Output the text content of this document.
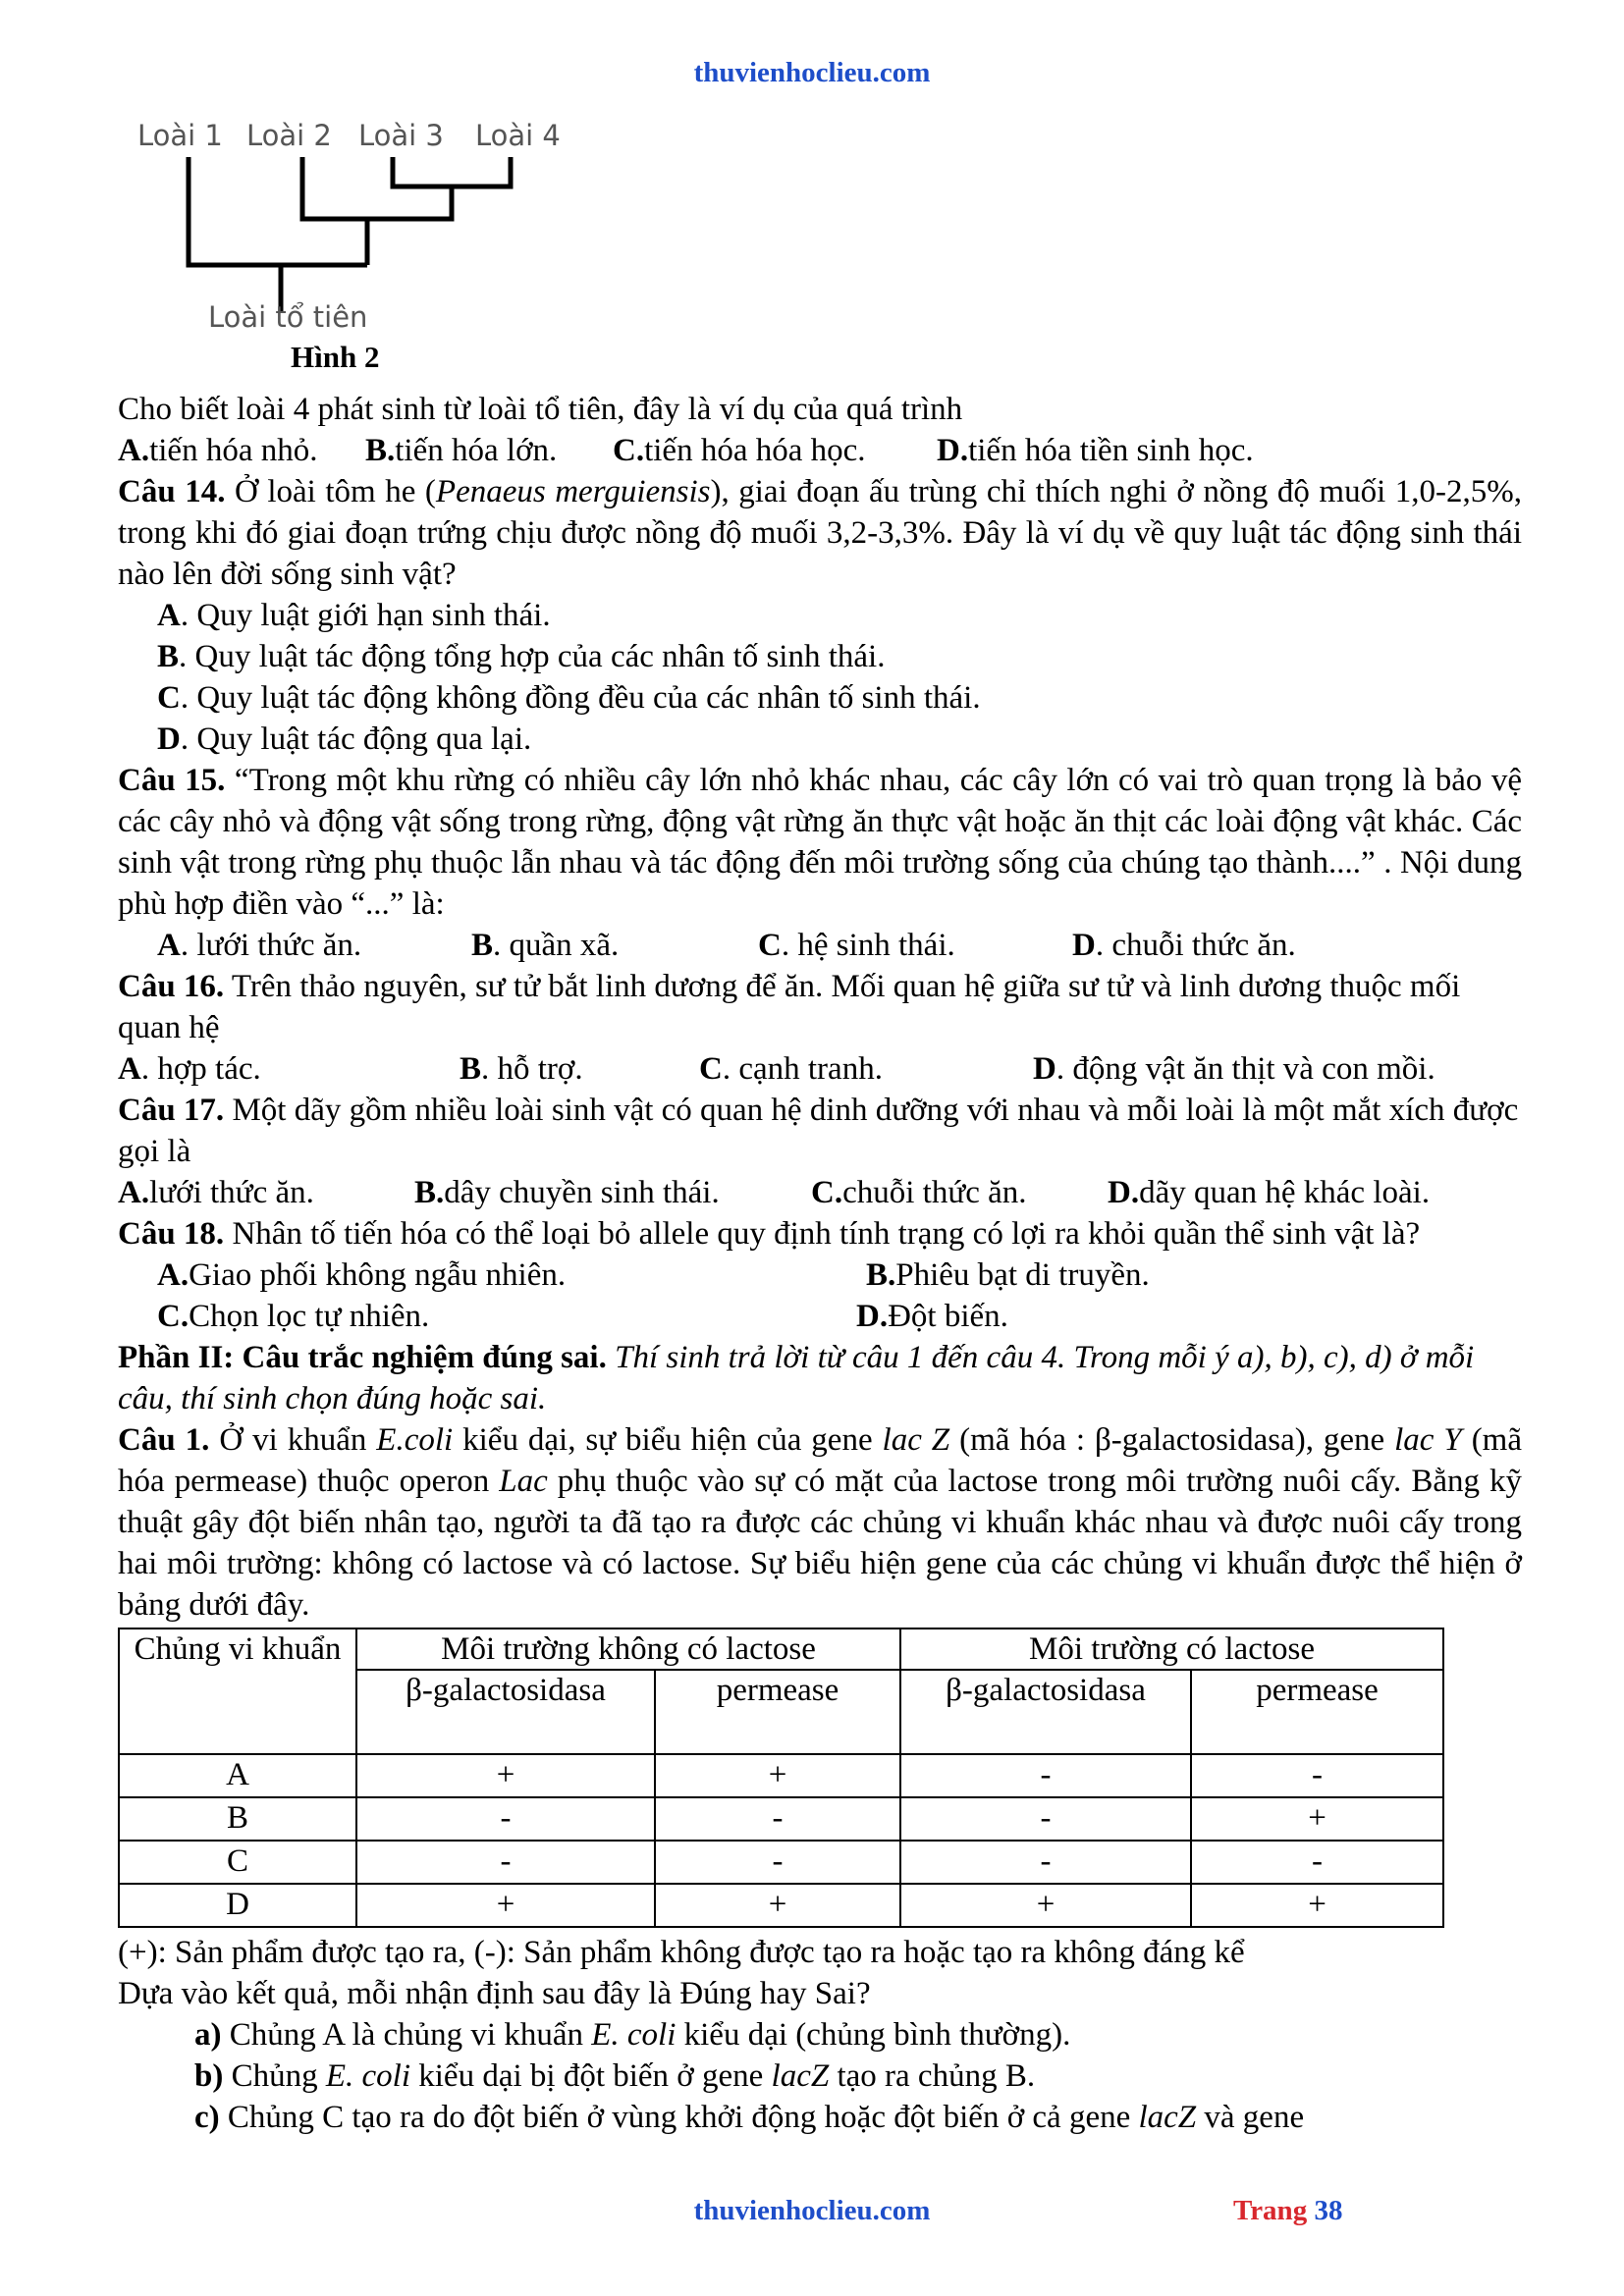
thuvienhoclieu.com
Loài 1 Loài 2 Loài 3 Loài 4
Loài tổ tiên
Hình 2

Cho biết loài 4 phát sinh từ loài tổ tiên, đây là ví dụ của quá trình

A.tiến hóa nhỏ.	B.tiến hóa lớn.	C.tiến hóa hóa học.	D.tiến hóa tiền sinh học.

Câu 14. Ở loài tôm he (Penaeus merguiensis), giai đoạn ấu trùng chỉ thích nghi ở nồng độ muối 1,0-2,5%, trong khi đó giai đoạn trứng chịu được nồng độ muối 3,2-3,3%. Đây là ví dụ về quy luật tác động sinh thái nào lên đời sống sinh vật?

A. Quy luật giới hạn sinh thái.

B. Quy luật tác động tổng hợp của các nhân tố sinh thái.

C. Quy luật tác động không đồng đều của các nhân tố sinh thái.

D. Quy luật tác động qua lại.

Câu 15. “Trong một khu rừng có nhiều cây lớn nhỏ khác nhau, các cây lớn có vai trò quan trọng là bảo vệ các cây nhỏ và động vật sống trong rừng, động vật rừng ăn thực vật hoặc ăn thịt các loài động vật khác. Các sinh vật trong rừng phụ thuộc lẫn nhau và tác động đến môi trường sống của chúng tạo thành....” . Nội dung phù hợp điền vào “...” là:

A. lưới thức ăn.	B. quần xã.	C. hệ sinh thái.	D. chuỗi thức ăn.

Câu 16. Trên thảo nguyên, sư tử bắt linh dương để ăn. Mối quan hệ giữa sư tử và linh dương thuộc mối quan hệ

A. hợp tác.	B. hỗ trợ.	C. cạnh tranh.	D. động vật ăn thịt và con mồi.

Câu 17. Một dãy gồm nhiều loài sinh vật có quan hệ dinh dưỡng với nhau và mỗi loài là một mắt xích được gọi là

A.lưới thức ăn.	B.dây chuyền sinh thái.	C.chuỗi thức ăn.	D.dãy quan hệ khác loài.

Câu 18. Nhân tố tiến hóa có thể loại bỏ allele quy định tính trạng có lợi ra khỏi quần thể sinh vật là?

A.Giao phối không ngẫu nhiên.	B.Phiêu bạt di truyền.
C.Chọn lọc tự nhiên.	D.Đột biến.

Phần II: Câu trắc nghiệm đúng sai. Thí sinh trả lời từ câu 1 đến câu 4. Trong mỗi ý a), b), c), d) ở mỗi câu, thí sinh chọn đúng hoặc sai.

Câu 1. Ở vi khuẩn E.coli kiểu dại, sự biểu hiện của gene lac Z (mã hóa : β-galactosidasa), gene lac Y (mã hóa permease) thuộc operon Lac phụ thuộc vào sự có mặt của lactose trong môi trường nuôi cấy. Bằng kỹ thuật gây đột biến nhân tạo, người ta đã tạo ra được các chủng vi khuẩn khác nhau và được nuôi cấy trong hai môi trường: không có lactose và có lactose. Sự biểu hiện gene của các chủng vi khuẩn được thể hiện ở bảng dưới đây.

Chủng vi khuẩn	Môi trường không có lactose		Môi trường có lactose	
	β-galactosidasa	permease	β-galactosidasa	permease
A	+	+	-	-
B	-	-	-	+
C	-	-	-	-
D	+	+	+	+

(+): Sản phẩm được tạo ra, (-): Sản phẩm không được tạo ra hoặc tạo ra không đáng kể

Dựa vào kết quả, mỗi nhận định sau đây là Đúng hay Sai?

a) Chủng A là chủng vi khuẩn E. coli kiểu dại (chủng bình thường).

b) Chủng E. coli kiểu dại bị đột biến ở gene lacZ tạo ra chủng B.

c) Chủng C tạo ra do đột biến ở vùng khởi động hoặc đột biến ở cả gene lacZ và gene

thuvienhoclieu.com	Trang 38
